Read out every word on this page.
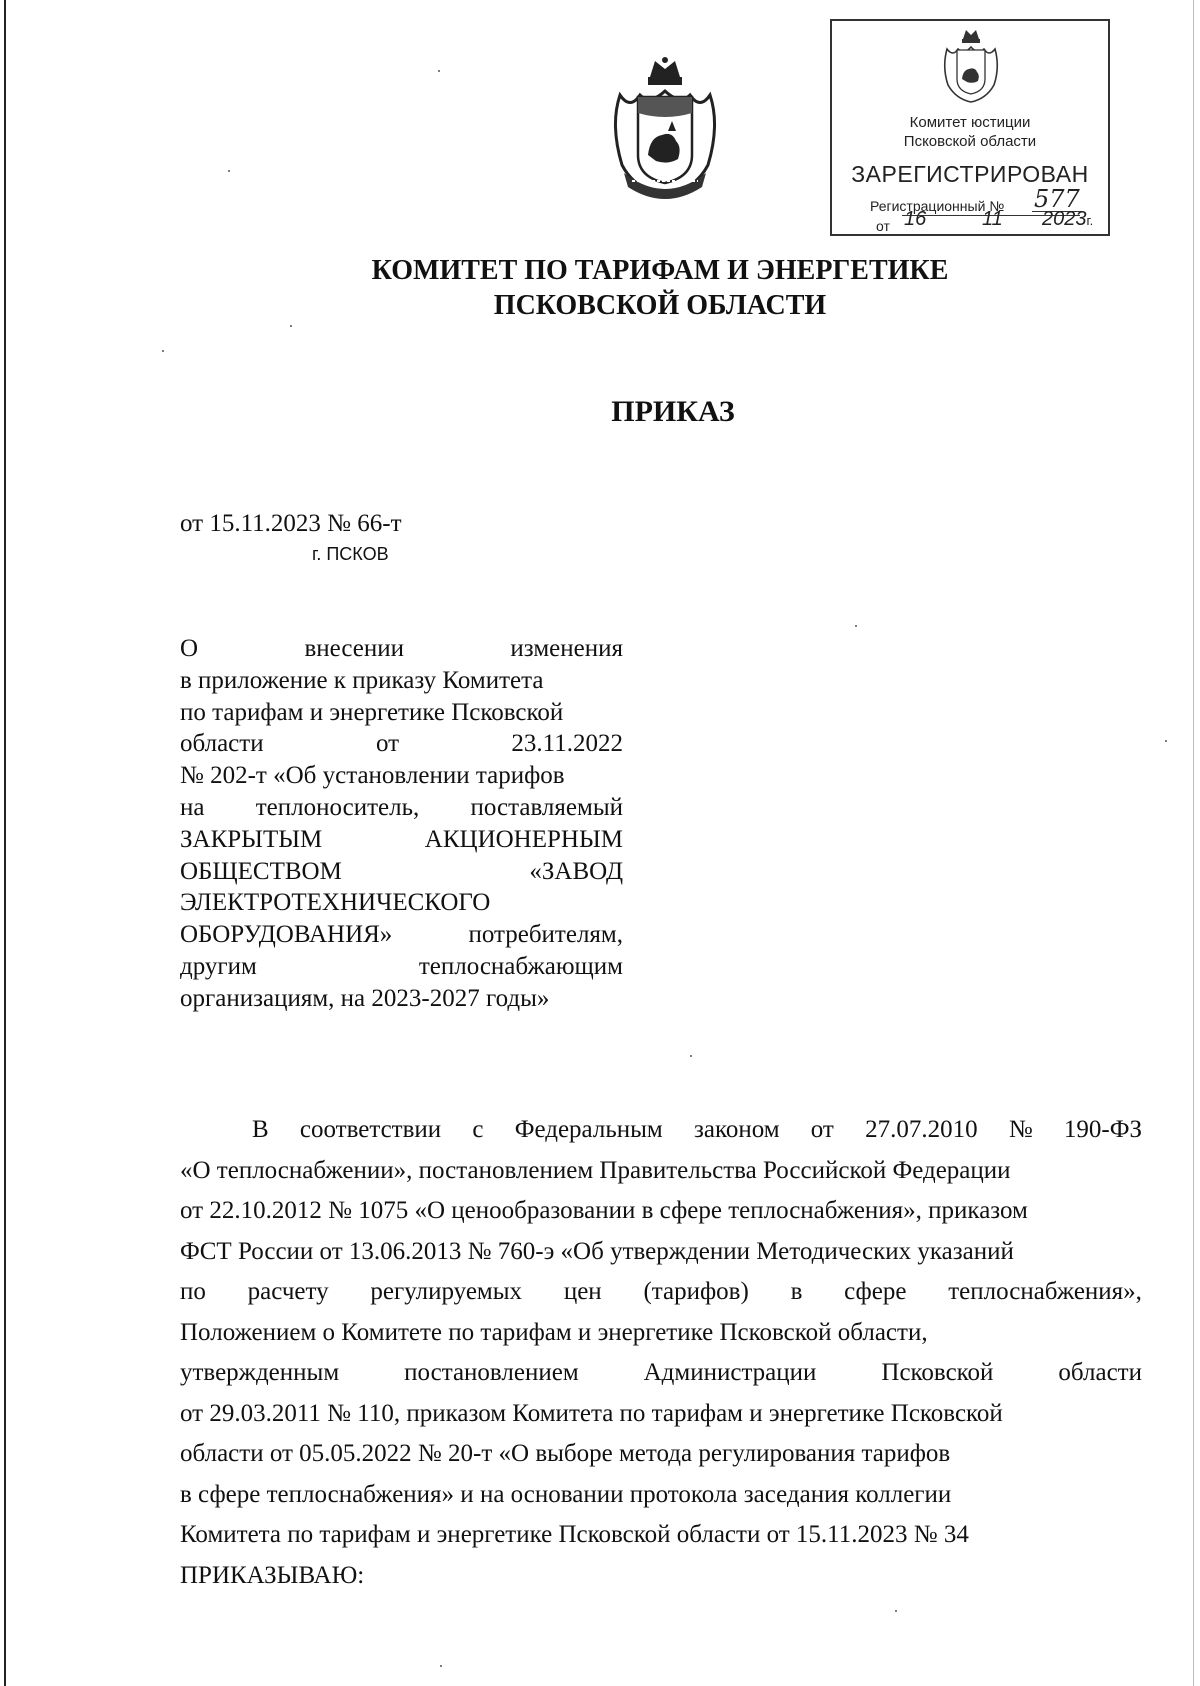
Комитет юстиции
Псковской области
ЗАРЕГИСТРИРОВАН
Регистрационный № 577
от 16	11 2023г.
КОМИТЕТ ПО ТАРИФАМ И ЭНЕРГЕТИКЕ
ПСКОВСКОЙ ОБЛАСТИ
ПРИКАЗ
от 15.11.2023 № 66-т
г. ПСКОВ
О	внесении	изменения
в приложение к приказу Комитета
по тарифам и энергетике Псковской
области	от	23.11.2022
№ 202-т «Об установлении тарифов
на теплоноситель, поставляемый
ЗАКРЫТЫМ	АКЦИОНЕРНЫМ
ОБЩЕСТВОМ	«ЗАВОД
ЭЛЕКТРОТЕХНИЧЕСКОГО
ОБОРУДОВАНИЯ»	потребителям,
другим	теплоснабжающим
организациям, на 2023-2027 годы»
В соответствии с Федеральным законом от 27.07.2010 № 190-ФЗ
«О теплоснабжении», постановлением Правительства Российской Федерации
от 22.10.2012 № 1075 «О ценообразовании в сфере теплоснабжения», приказом
ФСТ России от 13.06.2013 № 760-э «Об утверждении Методических указаний
по расчету регулируемых цен (тарифов) в сфере теплоснабжения»,
Положением о Комитете по тарифам и энергетике Псковской области,
утвержденным	постановлением	Администрации	Псковской	области
от 29.03.2011 № 110, приказом Комитета по тарифам и энергетике Псковской
области от 05.05.2022 № 20-т «О выборе метода регулирования тарифов
в сфере теплоснабжения» и на основании протокола заседания коллегии
Комитета по тарифам и энергетике Псковской области от 15.11.2023 № 34
ПРИКАЗЫВАЮ:
